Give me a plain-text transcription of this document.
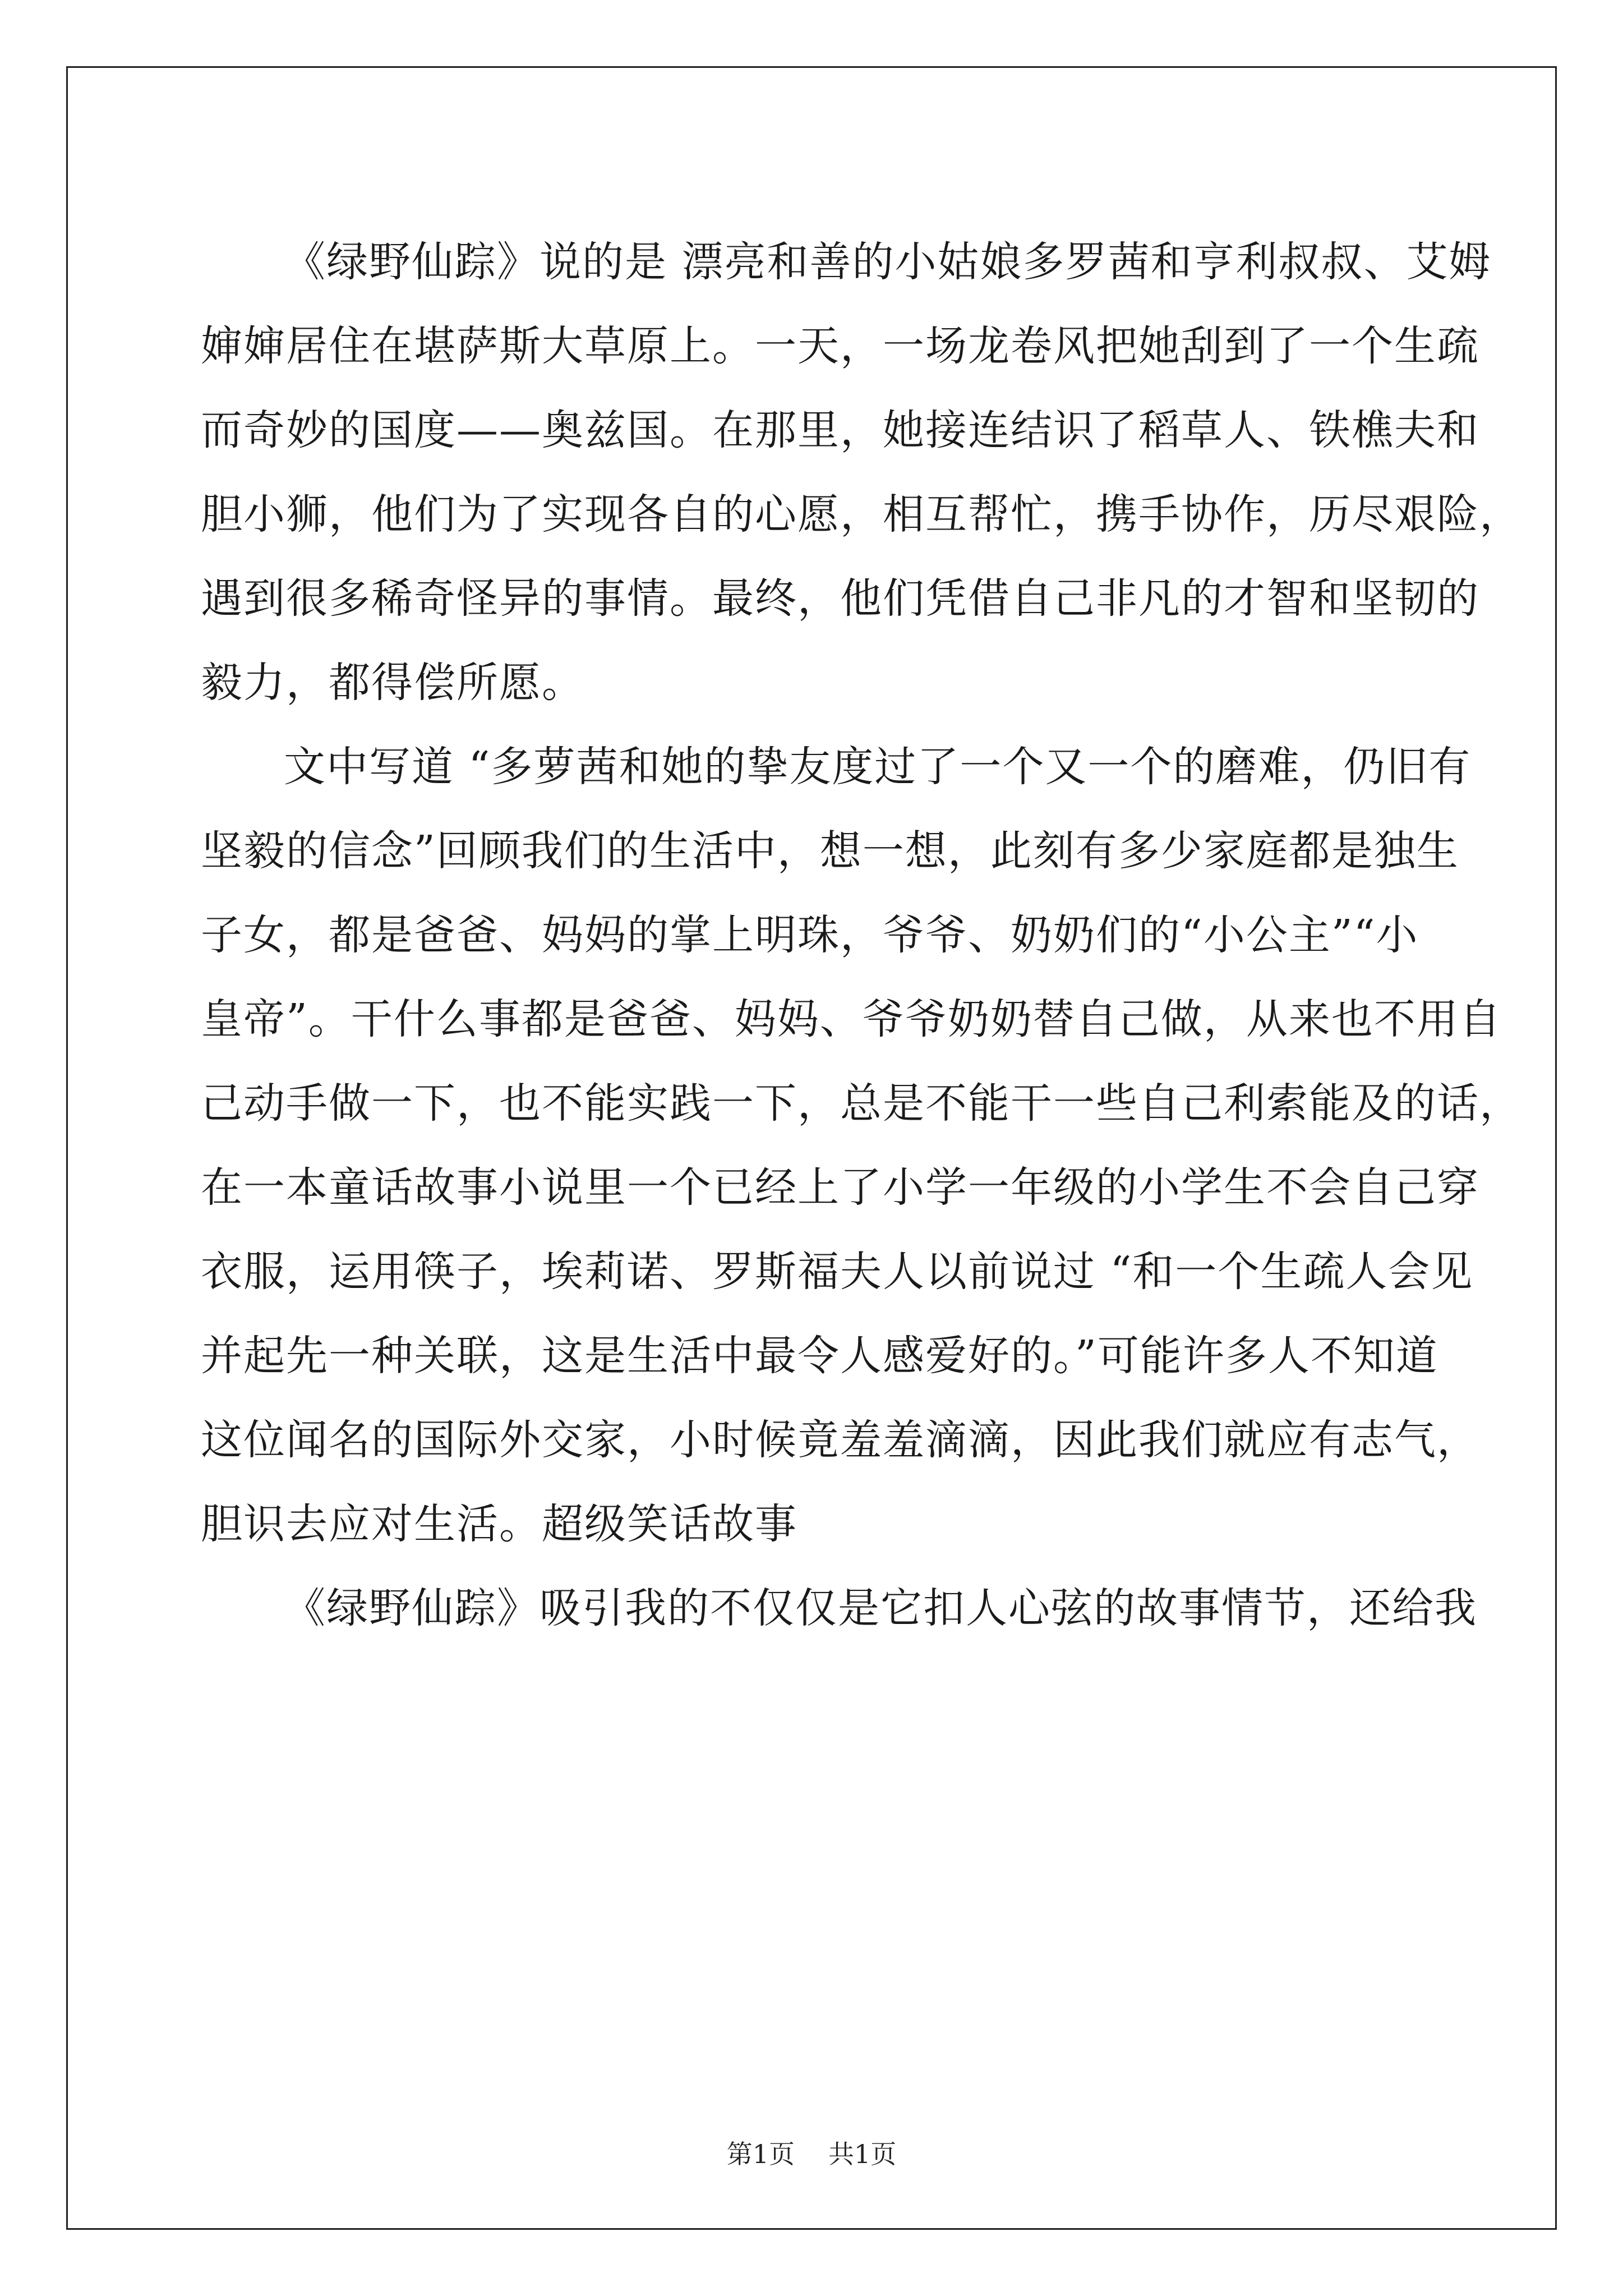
《绿野仙踪》说的是 漂亮和善的小姑娘多罗茜和亨利叔叔、艾姆
婶婶居住在堪萨斯大草原上。一天，一场龙卷风把她刮到了一个生疏
而奇妙的国度——奥兹国。在那里，她接连结识了稻草人、铁樵夫和
胆小狮，他们为了实现各自的心愿，相互帮忙，携手协作，历尽艰险，
遇到很多稀奇怪异的事情。最终，他们凭借自己非凡的才智和坚韧的
毅力，都得偿所愿。
文中写道 “多萝茜和她的挚友度过了一个又一个的磨难，仍旧有
坚毅的信念”回顾我们的生活中，想一想，此刻有多少家庭都是独生
子女，都是爸爸、妈妈的掌上明珠，爷爷、奶奶们的“小公主”“小
皇帝”。干什么事都是爸爸、妈妈、爷爷奶奶替自己做，从来也不用自
己动手做一下，也不能实践一下，总是不能干一些自己利索能及的话，
在一本童话故事小说里一个已经上了小学一年级的小学生不会自己穿
衣服，运用筷子，埃莉诺、罗斯福夫人以前说过 “和一个生疏人会见
并起先一种关联，这是生活中最令人感爱好的。”可能许多人不知道
这位闻名的国际外交家，小时候竟羞羞滴滴，因此我们就应有志气，
胆识去应对生活。超级笑话故事
《绿野仙踪》吸引我的不仅仅是它扣人心弦的故事情节，还给我
第1页 共1页
